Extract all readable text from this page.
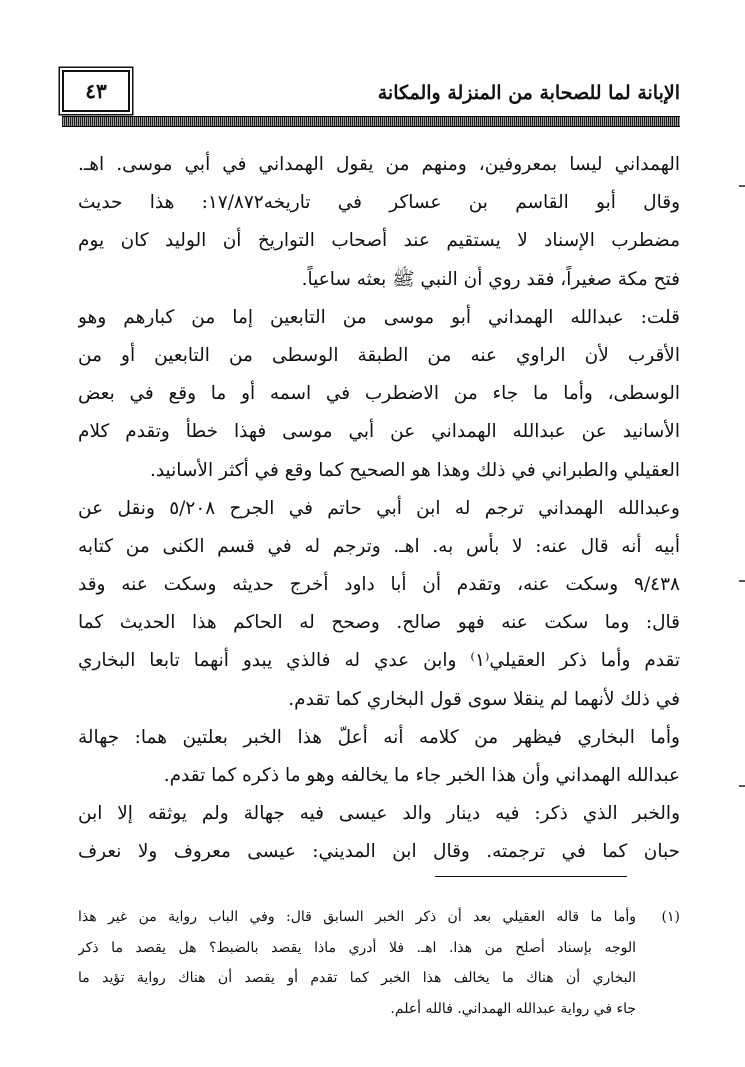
الإبانة لما للصحابة من المنزلة والمكانة
٤٣
الهمداني ليسا بمعروفين، ومنهم من يقول الهمداني في أبي موسى. اهـ.
وقال أبو القاسم بن عساكر في تاريخه١٧/٨٧٢: هذا حديث
مضطرب الإسناد لا يستقيم عند أصحاب التواريخ أن الوليد كان يوم
فتح مكة صغيراً، فقد روي أن النبي ﷺ بعثه ساعياً.
قلت: عبدالله الهمداني أبو موسى من التابعين إما من كبارهم وهو
الأقرب لأن الراوي عنه من الطبقة الوسطى من التابعين أو من
الوسطى، وأما ما جاء من الاضطرب في اسمه أو ما وقع في بعض
الأسانيد عن عبدالله الهمداني عن أبي موسى فهذا خطأ وتقدم كلام
العقيلي والطبراني في ذلك وهذا هو الصحيح كما وقع في أكثر الأسانيد.
وعبدالله الهمداني ترجم له ابن أبي حاتم في الجرح ٥/٢٠٨ ونقل عن
أبيه أنه قال عنه: لا بأس به. اهـ. وترجم له في قسم الكنى من كتابه
٩/٤٣٨ وسكت عنه، وتقدم أن أبا داود أخرج حديثه وسكت عنه وقد
قال: وما سكت عنه فهو صالح. وصحح له الحاكم هذا الحديث كما
تقدم وأما ذكر العقيلي⁽١⁾ وابن عدي له فالذي يبدو أنهما تابعا البخاري
في ذلك لأنهما لم ينقلا سوى قول البخاري كما تقدم.
وأما البخاري فيظهر من كلامه أنه أعلّ هذا الخبر بعلتين هما: جهالة
عبدالله الهمداني وأن هذا الخبر جاء ما يخالفه وهو ما ذكره كما تقدم.
والخبر الذي ذكر: فيه دينار والد عيسى فيه جهالة ولم يوثقه إلا ابن
حبان كما في ترجمته. وقال ابن المديني: عيسى معروف ولا نعرف
(١)
وأما ما قاله العقيلي بعد أن ذكر الخبر السابق قال: وفي الباب رواية من غير هذا
الوجه بإسناد أصلح من هذا. اهـ. فلا أدري ماذا يقصد بالضبط؟ هل يقصد ما ذكر
البخاري أن هناك ما يخالف هذا الخبر كما تقدم أو يقصد أن هناك رواية تؤيد ما
جاء في رواية عبدالله الهمداني. فالله أعلم.
